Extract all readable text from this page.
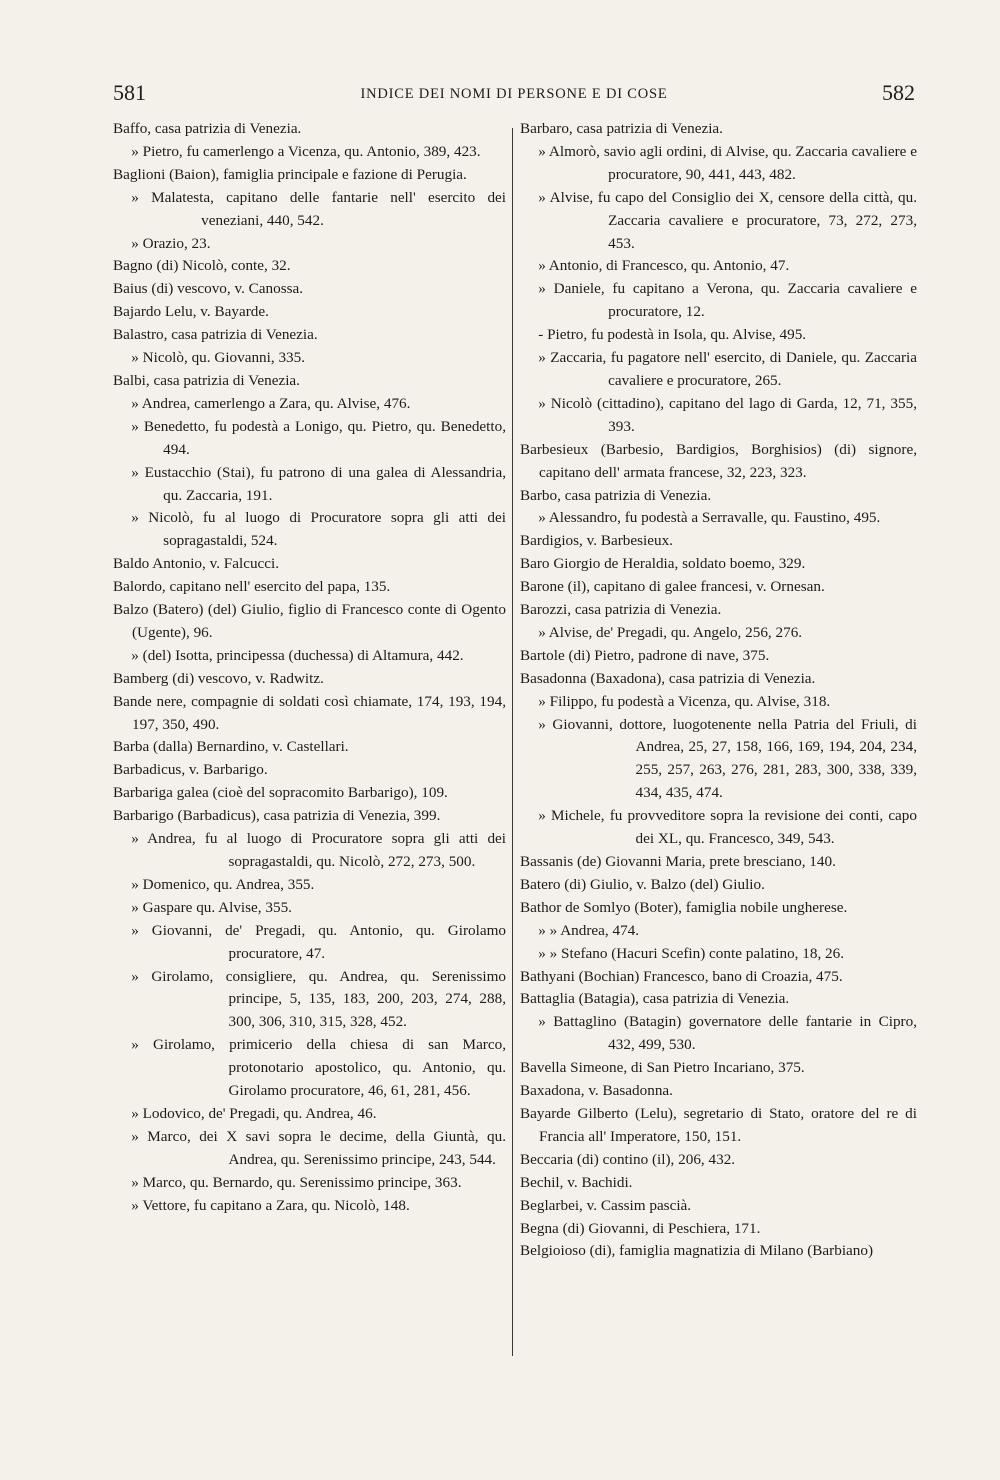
581	INDICE DEI NOMI DI PERSONE E DI COSE	582

Baffo, casa patrizia di Venezia.

» Pietro, fu camerlengo a Vicenza, qu. Antonio, 389, 423.

Baglioni (Baion), famiglia principale e fazione di Perugia.

» Malatesta, capitano delle fantarie nell' esercito dei veneziani, 440, 542.

» Orazio, 23.

Bagno (di) Nicolò, conte, 32.

Baius (di) vescovo, v. Canossa.

Bajardo Lelu, v. Bayarde.

Balastro, casa patrizia di Venezia.

» Nicolò, qu. Giovanni, 335.

Balbi, casa patrizia di Venezia.

» Andrea, camerlengo a Zara, qu. Alvise, 476.

» Benedetto, fu podestà a Lonigo, qu. Pietro, qu. Benedetto, 494.

» Eustacchio (Stai), fu patrono di una galea di Alessandria, qu. Zaccaria, 191.

» Nicolò, fu al luogo di Procuratore sopra gli atti dei sopragastaldi, 524.

Baldo Antonio, v. Falcucci.

Balordo, capitano nell' esercito del papa, 135.

Balzo (Batero) (del) Giulio, figlio di Francesco conte di Ogento (Ugente), 96.

» (del) Isotta, principessa (duchessa) di Altamura, 442.

Bamberg (di) vescovo, v. Radwitz.

Bande nere, compagnie di soldati così chiamate, 174, 193, 194, 197, 350, 490.

Barba (dalla) Bernardino, v. Castellari.

Barbadicus, v. Barbarigo.

Barbariga galea (cioè del sopracomito Barbarigo), 109.

Barbarigo (Barbadicus), casa patrizia di Venezia, 399.

» Andrea, fu al luogo di Procuratore sopra gli atti dei sopragastaldi, qu. Nicolò, 272, 273, 500.

» Domenico, qu. Andrea, 355.

» Gaspare qu. Alvise, 355.

» Giovanni, de' Pregadi, qu. Antonio, qu. Girolamo procuratore, 47.

» Girolamo, consigliere, qu. Andrea, qu. Serenissimo principe, 5, 135, 183, 200, 203, 274, 288, 300, 306, 310, 315, 328, 452.

» Girolamo, primicerio della chiesa di san Marco, protonotario apostolico, qu. Antonio, qu. Girolamo procuratore, 46, 61, 281, 456.

» Lodovico, de' Pregadi, qu. Andrea, 46.

» Marco, dei X savi sopra le decime, della Giuntà, qu. Andrea, qu. Serenissimo principe, 243, 544.

» Marco, qu. Bernardo, qu. Serenissimo principe, 363.

» Vettore, fu capitano a Zara, qu. Nicolò, 148.

Barbaro, casa patrizia di Venezia.

» Almorò, savio agli ordini, di Alvise, qu. Zaccaria cavaliere e procuratore, 90, 441, 443, 482.

» Alvise, fu capo del Consiglio dei X, censore della città, qu. Zaccaria cavaliere e procuratore, 73, 272, 273, 453.

» Antonio, di Francesco, qu. Antonio, 47.

» Daniele, fu capitano a Verona, qu. Zaccaria cavaliere e procuratore, 12.

- Pietro, fu podestà in Isola, qu. Alvise, 495.

» Zaccaria, fu pagatore nell' esercito, di Daniele, qu. Zaccaria cavaliere e procuratore, 265.

» Nicolò (cittadino), capitano del lago di Garda, 12, 71, 355, 393.

Barbesieux (Barbesio, Bardigios, Borghisios) (di) signore, capitano dell' armata francese, 32, 223, 323.

Barbo, casa patrizia di Venezia.

» Alessandro, fu podestà a Serravalle, qu. Faustino, 495.

Bardigios, v. Barbesieux.

Baro Giorgio de Heraldia, soldato boemo, 329.

Barone (il), capitano di galee francesi, v. Ornesan.

Barozzi, casa patrizia di Venezia.

» Alvise, de' Pregadi, qu. Angelo, 256, 276.

Bartole (di) Pietro, padrone di nave, 375.

Basadonna (Baxadona), casa patrizia di Venezia.

» Filippo, fu podestà a Vicenza, qu. Alvise, 318.

» Giovanni, dottore, luogotenente nella Patria del Friuli, di Andrea, 25, 27, 158, 166, 169, 194, 204, 234, 255, 257, 263, 276, 281, 283, 300, 338, 339, 434, 435, 474.

» Michele, fu provveditore sopra la revisione dei conti, capo dei XL, qu. Francesco, 349, 543.

Bassanis (de) Giovanni Maria, prete bresciano, 140.

Batero (di) Giulio, v. Balzo (del) Giulio.

Bathor de Somlyo (Boter), famiglia nobile ungherese.

» » Andrea, 474.

» » Stefano (Hacuri Scefin) conte palatino, 18, 26.

Bathyani (Bochian) Francesco, bano di Croazia, 475.

Battaglia (Batagia), casa patrizia di Venezia.

» Battaglino (Batagin) governatore delle fantarie in Cipro, 432, 499, 530.

Bavella Simeone, di San Pietro Incariano, 375.

Baxadona, v. Basadonna.

Bayarde Gilberto (Lelu), segretario di Stato, oratore del re di Francia all' Imperatore, 150, 151.

Beccaria (di) contino (il), 206, 432.

Bechil, v. Bachidi.

Beglarbei, v. Cassim pascià.

Begna (di) Giovanni, di Peschiera, 171.

Belgioioso (di), famiglia magnatizia di Milano (Barbiano)
